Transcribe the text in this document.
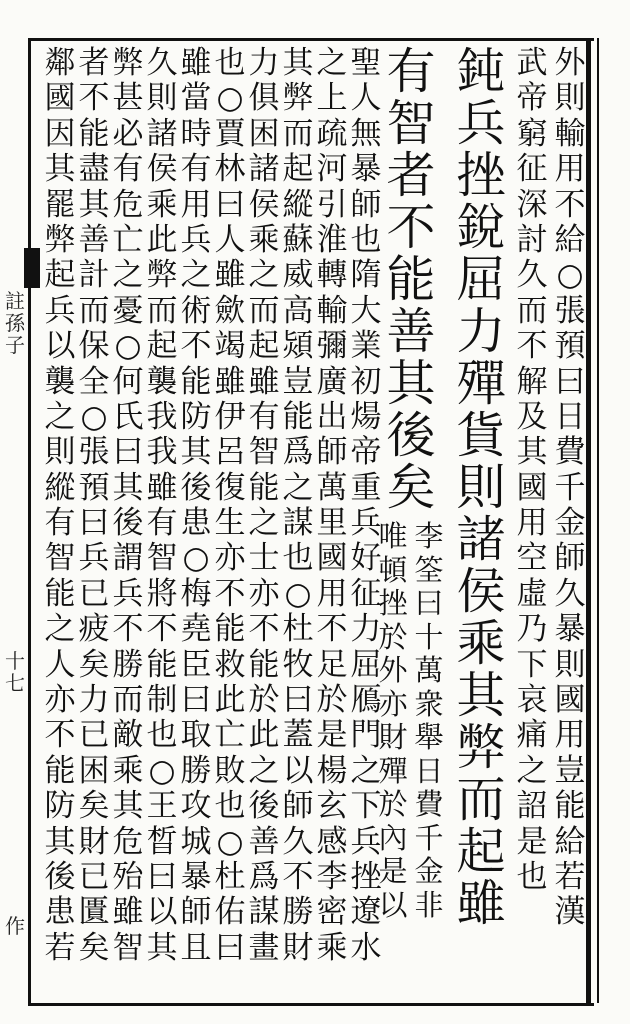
註
孫
子
十
七
作
外
則
輸
用
不
給
○
張
預
曰
日
費
千
金
師
久
暴
則
國
用
豈
能
給
若
漢
武
帝
窮
征
深
討
久
而
不
解
及
其
國
用
空
虛
乃
下
哀
痛
之
詔
是
也
鈍
兵
挫
銳
屈
力
殫
貨
則
諸
侯
乘
其
弊
而
起
雖
有
智
者
不
能
善
其
後
矣
李
筌
曰
十
萬
衆
舉
日
費
千
金
非
唯
頓
挫
於
外
亦
財
殫
於
內
是
以
聖
人
無
暴
師
也
隋
大
業
初
煬
帝
重
兵
好
征
力
屈
鴈
門
之
下
兵
挫
遼
水
之
上
疏
河
引
淮
轉
輸
彌
廣
出
師
萬
里
國
用
不
足
於
是
楊
玄
感
李
密
乘
其
弊
而
起
縱
蘇
威
高
熲
豈
能
爲
之
謀
也
○
杜
牧
曰
蓋
以
師
久
不
勝
財
力
俱
困
諸
侯
乘
之
而
起
雖
有
智
能
之
士
亦
不
能
於
此
之
後
善
爲
謀
畫
也
○
賈
林
曰
人
雖
歛
竭
雖
伊
呂
復
生
亦
不
能
救
此
亡
敗
也
○
杜
佑
曰
雖
當
時
有
用
兵
之
術
不
能
防
其
後
患
○
梅
堯
臣
曰
取
勝
攻
城
暴
師
且
久
則
諸
侯
乘
此
弊
而
起
襲
我
我
雖
有
智
將
不
能
制
也
○
王
晳
曰
以
其
弊
甚
必
有
危
亡
之
憂
○
何
氏
曰
其
後
謂
兵
不
勝
而
敵
乘
其
危
殆
雖
智
者
不
能
盡
其
善
計
而
保
全
○
張
預
曰
兵
已
疲
矣
力
已
困
矣
財
已
匱
矣
鄰
國
因
其
罷
弊
起
兵
以
襲
之
則
縱
有
智
能
之
人
亦
不
能
防
其
後
患
若
